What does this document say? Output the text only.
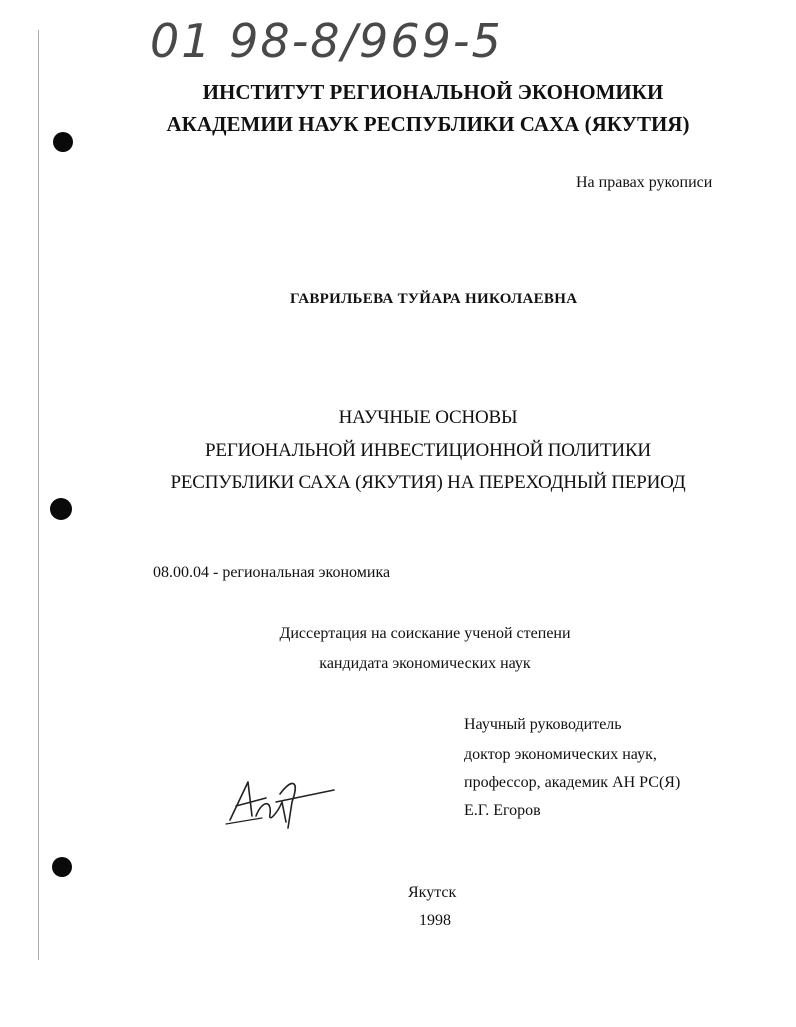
01 98-8/969-5
ИНСТИТУТ РЕГИОНАЛЬНОЙ ЭКОНОМИКИ
АКАДЕМИИ НАУК РЕСПУБЛИКИ САХА (ЯКУТИЯ)
На правах рукописи
ГАВРИЛЬЕВА ТУЙАРА НИКОЛАЕВНА
НАУЧНЫЕ ОСНОВЫ
РЕГИОНАЛЬНОЙ ИНВЕСТИЦИОННОЙ ПОЛИТИКИ
РЕСПУБЛИКИ САХА (ЯКУТИЯ) НА ПЕРЕХОДНЫЙ ПЕРИОД
08.00.04 - региональная экономика
Диссертация на соискание ученой степени
кандидата экономических наук
Научный руководитель
доктор экономических наук,
профессор, академик АН РС(Я)
Е.Г. Егоров
Якутск
1998
